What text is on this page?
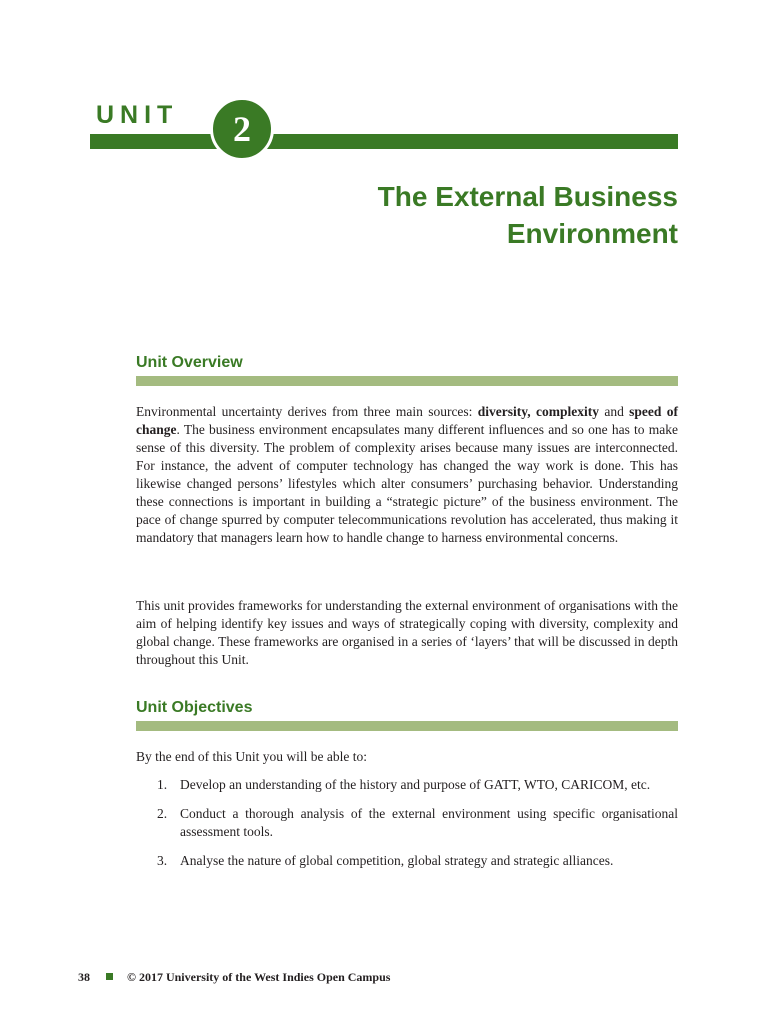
UNIT	2
The External Business
Environment
Unit Overview

Environmental uncertainty derives from three main sources: diversity, complexity and speed of change. The business environment encapsulates many different influences and so one has to make sense of this diversity. The problem of complexity arises because many issues are interconnected. For instance, the advent of computer technology has changed the way work is done. This has likewise changed persons’ lifestyles which alter consumers’ purchasing behavior. Understanding these connections is important in building a “strategic picture” of the business environment. The pace of change spurred by computer telecommunications revolution has accelerated, thus making it mandatory that managers learn how to handle change to harness environmental concerns.

This unit provides frameworks for understanding the external environment of organisations with the aim of helping identify key issues and ways of strategically coping with diversity, complexity and global change. These frameworks are organised in a series of ‘layers’ that will be discussed in depth throughout this Unit.

Unit Objectives

By the end of this Unit you will be able to:

1. Develop an understanding of the history and purpose of GATT, WTO, CARICOM, etc.
2. Conduct a thorough analysis of the external environment using specific organisational assessment tools.
3. Analyse the nature of global competition, global strategy and strategic alliances.
38	© 2017 University of the West Indies Open Campus
